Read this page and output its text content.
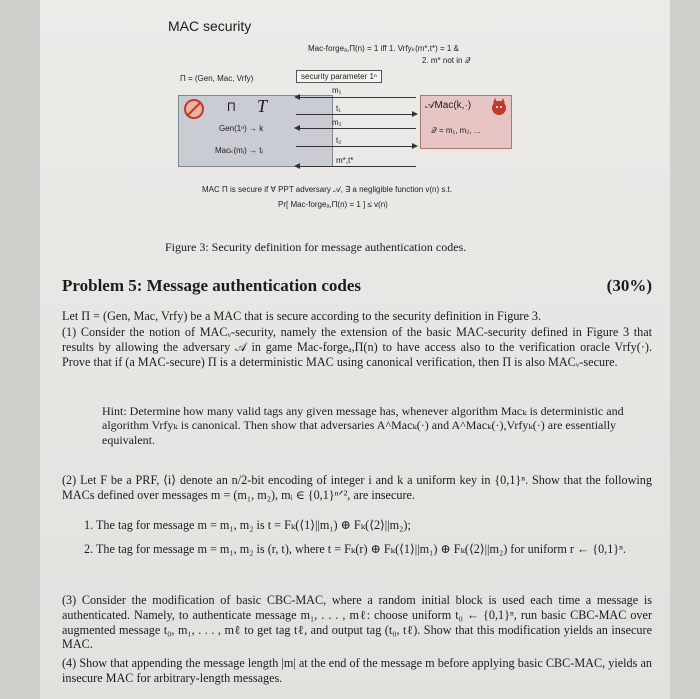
MAC security
Mac-forgeₐ,Π(n) = 1 iff 1. Vrfyₖ(m*,t*) = 1 &
2. m* not in 𝒬
Π = (Gen, Mac, Vrfy)	security parameter 1ⁿ
Π T
Gen(1ⁿ) → k
Macₖ(mᵢ) → tᵢ
m₁
t₁
m₂
t₂
m*,t*
𝒜Mac(k,·)
𝒬 = m₁, m₂, ...
MAC Π is secure if ∀ PPT adversary 𝒜, ∃ a negligible function v(n) s.t.
Pr[ Mac-forgeₐ,Π(n) = 1 ] ≤ v(n)
Figure 3: Security definition for message authentication codes.
Problem 5: Message authentication codes	(30%)
Let Π = (Gen, Mac, Vrfy) be a MAC that is secure according to the security definition in Figure 3.
(1) Consider the notion of MACᵥ-security, namely the extension of the basic MAC-security defined in Figure 3 that results by allowing the adversary 𝒜 in game Mac-forgeₐ,Π(n) to have access also to the verification oracle Vrfy(·). Prove that if (a MAC-secure) Π is a deterministic MAC using canonical verification, then Π is also MACᵥ-secure.
Hint: Determine how many valid tags any given message has, whenever algorithm Macₖ is deterministic and algorithm Vrfyₖ is canonical. Then show that adversaries A^Macₖ(·) and A^Macₖ(·),Vrfyₖ(·) are essentially equivalent.
(2) Let F be a PRF, ⟨i⟩ denote an n/2-bit encoding of integer i and k a uniform key in {0,1}ⁿ. Show that the following MACs defined over messages m = (m₁, m₂), mᵢ ∈ {0,1}ⁿᐟ², are insecure.
1. The tag for message m = m₁, m₂ is t = Fₖ(⟨1⟩||m₁) ⊕ Fₖ(⟨2⟩||m₂);
2. The tag for message m = m₁, m₂ is (r, t), where t = Fₖ(r) ⊕ Fₖ(⟨1⟩||m₁) ⊕ Fₖ(⟨2⟩||m₂) for uniform r ← {0,1}ⁿ.
(3) Consider the modification of basic CBC-MAC, where a random initial block is used each time a message is authenticated. Namely, to authenticate message m₁, . . . , mℓ: choose uniform t₀ ← {0,1}ⁿ, run basic CBC-MAC over augmented message t₀, m₁, . . . , mℓ to get tag tℓ, and output tag (t₀, tℓ). Show that this modification yields an insecure MAC.
(4) Show that appending the message length |m| at the end of the message m before applying basic CBC-MAC, yields an insecure MAC for arbitrary-length messages.
